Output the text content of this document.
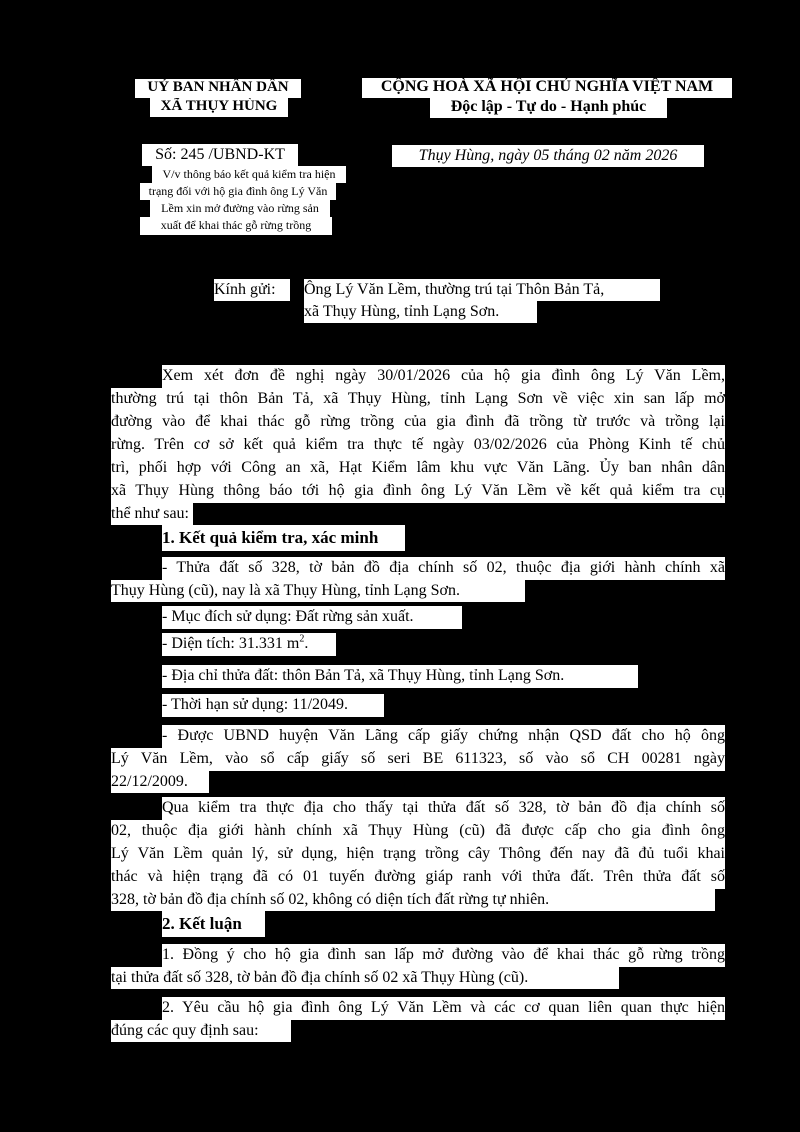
UỶ BAN NHÂN DÂN
XÃ THỤY HÙNG
CỘNG HOÀ XÃ HỘI CHỦ NGHĨA VIỆT NAM
Độc lập - Tự do - Hạnh phúc
Số: 245 /UBND-KT	Thụy Hùng, ngày 05 tháng 02 năm 2026
V/v thông báo kết quả kiểm tra hiện
trạng đối với hộ gia đình ông Lý Văn
Lềm xin mở đường vào rừng sản
xuất để khai thác gỗ rừng trồng
Kính gửi:	Ông Lý Văn Lềm, thường trú tại Thôn Bản Tả,
xã Thụy Hùng, tỉnh Lạng Sơn.
Xem xét đơn đề nghị ngày 30/01/2026 của hộ gia đình ông Lý Văn Lềm,
thường trú tại thôn Bản Tả, xã Thụy Hùng, tỉnh Lạng Sơn về việc xin san lấp mở
đường vào để khai thác gỗ rừng trồng của gia đình đã trồng từ trước và trồng lại
rừng. Trên cơ sở kết quả kiểm tra thực tế ngày 03/02/2026 của Phòng Kinh tế chủ
trì, phối hợp với Công an xã, Hạt Kiểm lâm khu vực Văn Lãng. Ủy ban nhân dân
xã Thụy Hùng thông báo tới hộ gia đình ông Lý Văn Lềm về kết quả kiểm tra cụ
thể như sau:
1. Kết quả kiểm tra, xác minh
- Thửa đất số 328, tờ bản đồ địa chính số 02, thuộc địa giới hành chính xã
Thụy Hùng (cũ), nay là xã Thụy Hùng, tỉnh Lạng Sơn.
- Mục đích sử dụng: Đất rừng sản xuất.
- Diện tích: 31.331 $m^2$.
- Địa chỉ thửa đất: thôn Bản Tả, xã Thụy Hùng, tỉnh Lạng Sơn.
- Thời hạn sử dụng: 11/2049.
- Được UBND huyện Văn Lãng cấp giấy chứng nhận QSD đất cho hộ ông
Lý Văn Lềm, vào sổ cấp giấy số seri BE 611323, số vào sổ CH 00281 ngày
22/12/2009.
Qua kiểm tra thực địa cho thấy tại thửa đất số 328, tờ bản đồ địa chính số
02, thuộc địa giới hành chính xã Thụy Hùng (cũ) đã được cấp cho gia đình ông
Lý Văn Lềm quản lý, sử dụng, hiện trạng trồng cây Thông đến nay đã đủ tuổi khai
thác và hiện trạng đã có 01 tuyến đường giáp ranh với thửa đất. Trên thửa đất số
328, tờ bản đồ địa chính số 02, không có diện tích đất rừng tự nhiên.
2. Kết luận
1. Đồng ý cho hộ gia đình san lấp mở đường vào để khai thác gỗ rừng trồng
tại thửa đất số 328, tờ bản đồ địa chính số 02 xã Thụy Hùng (cũ).
2. Yêu cầu hộ gia đình ông Lý Văn Lềm và các cơ quan liên quan thực hiện
đúng các quy định sau:
